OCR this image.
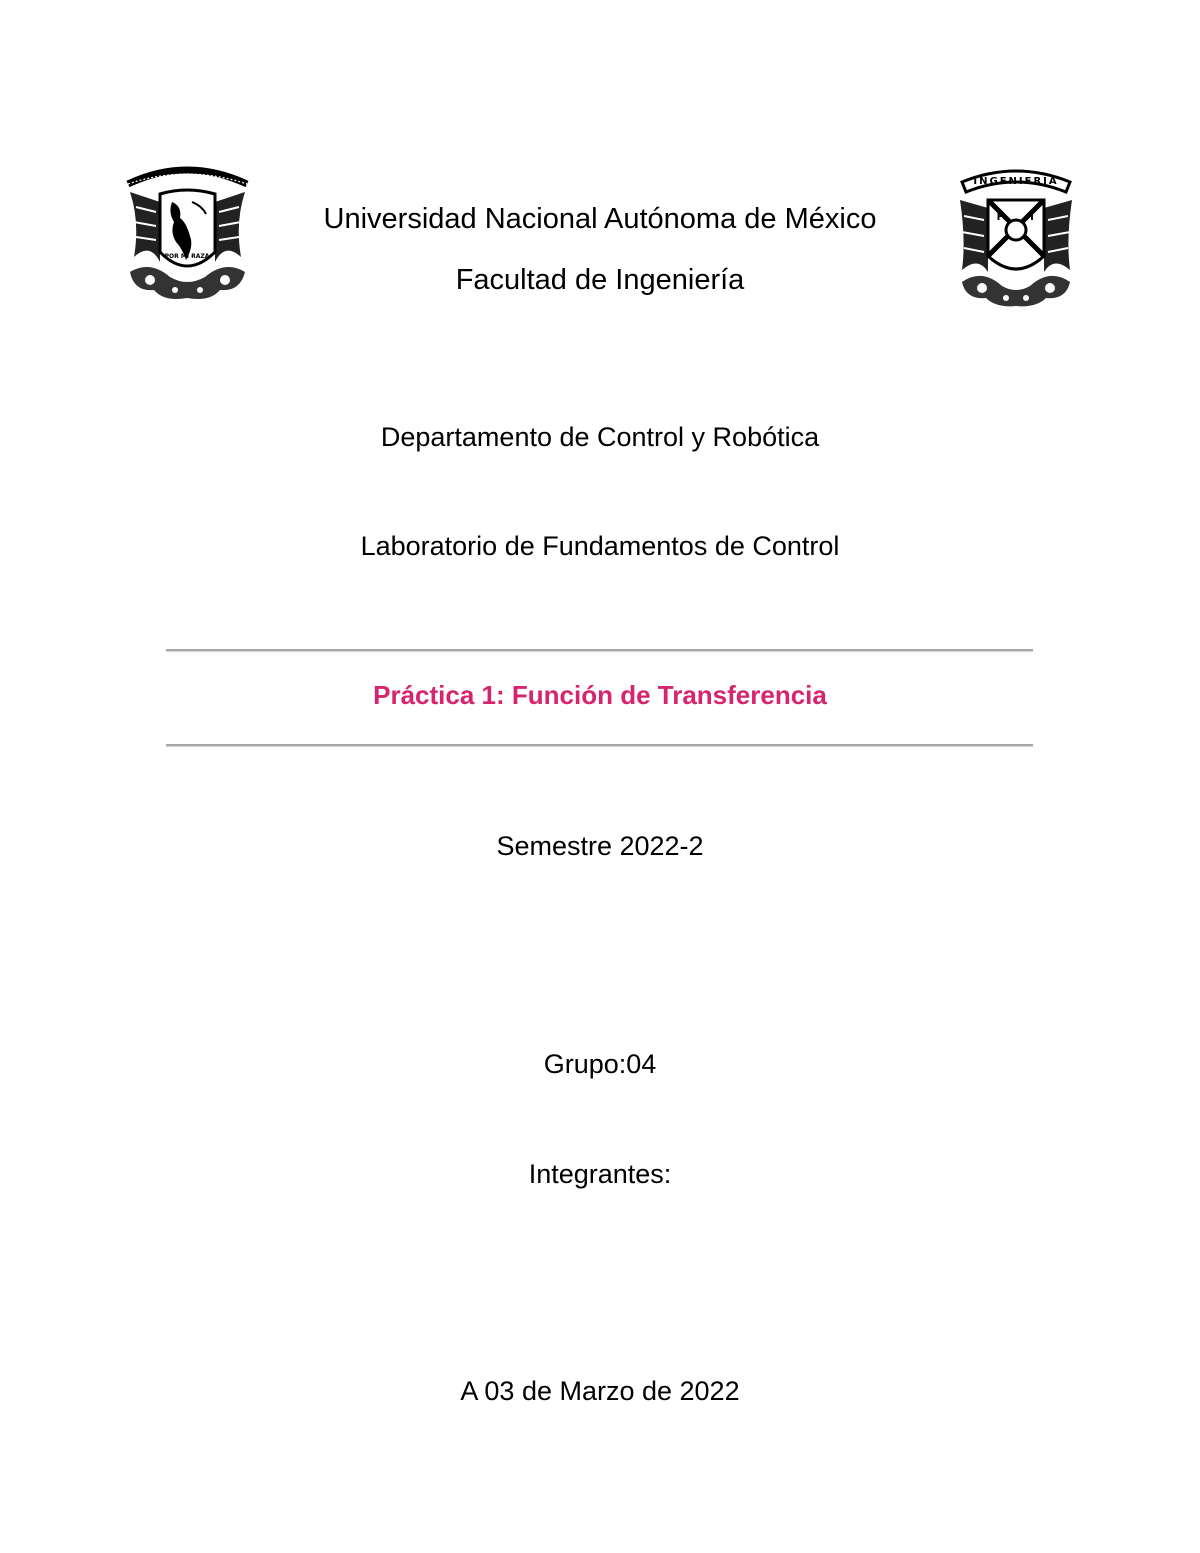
POR MI RAZA
INGENIERIA
F	I
Universidad Nacional Autónoma de México
Facultad de Ingeniería
Departamento de Control y Robótica
Laboratorio de Fundamentos de Control
Práctica 1: Función de Transferencia
Semestre 2022-2
Grupo:04
Integrantes:
A 03 de Marzo de 2022
